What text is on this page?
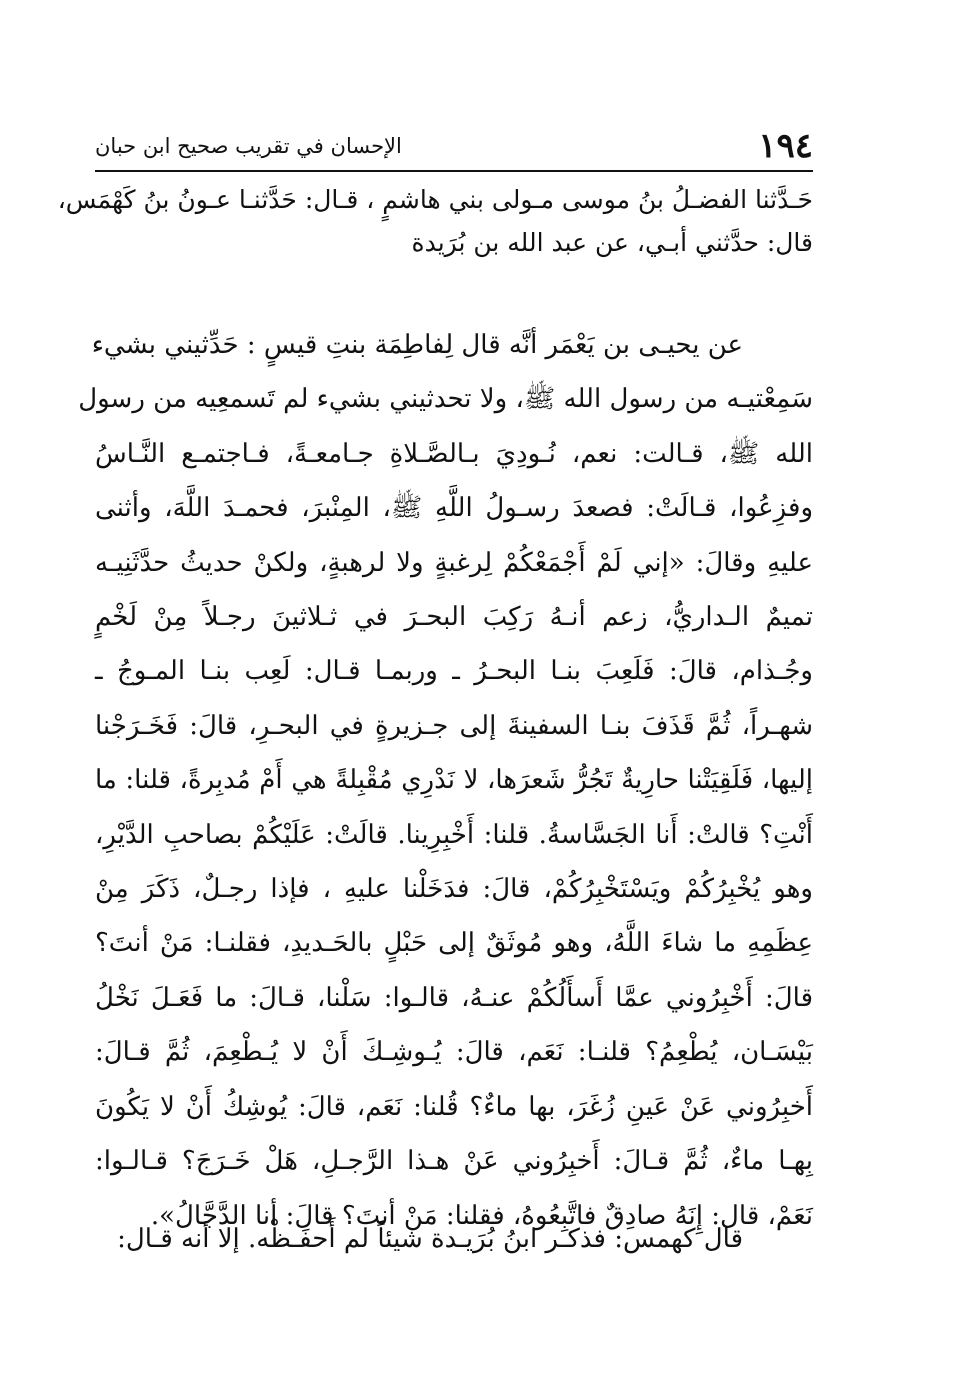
١٩٤
الإحسان في تقريب صحيح ابن حبان
حَـدَّثنا الفضـلُ بنُ موسى مـولى بني هاشمٍ ، قـال: حَدَّثنـا عـونُ بنُ كَهْمَس،
قال: حدَّثني أبـي، عن عبد الله بن بُرَيدة
عن يحيـى بن يَعْمَر أنَّه قال لِفاطِمَة بنتِ قيسٍ : حَدِّثيني بشيء
سَمِعْتيـه من رسول الله ﷺ، ولا تحدثيني بشيء لم تَسمعِيه من رسول
الله ﷺ، قـالت: نعم، نُـودِيَ بـالصَّـلاةِ جـامعـةً، فـاجتمـع النَّـاسُ
وفزِعُوا، قـالَتْ: فصعدَ رسـولُ اللَّهِ ﷺ، المِنْبرَ، فحمـدَ اللَّهَ، وأثنى
عليهِ وقالَ: «إني لَمْ أَجْمَعْكُمْ لِرغبةٍ ولا لرهبةٍ، ولكنْ حديثُ حدَّثَنِيـه
تميمٌ الـداريُّ، زعم أنـهُ رَكِبَ البحـرَ في ثـلاثينَ رجـلاً مِنْ لَخْمٍ
وجُـذام، قالَ: فَلَعِبَ بنـا البحـرُ ـ وربمـا قـال: لَعِب بنـا المـوجُ ـ
شهـراً، ثُمَّ قَذَفَ بنـا السفينةَ إلى جـزيرةٍ في البحـرِ، قالَ: فَخَـرَجْنا
إليها، فَلَقِيَتْنا حارِيةٌ تَجُرُّ شَعرَها، لا نَدْرِي مُقْبِلةً هي أَمْ مُدبِرةً، قلنا: ما
أَنْتِ؟ قالتْ: أَنا الجَسَّاسةُ. قلنا: أَخْبِرِينا. قالَتْ: عَلَيْكُمْ بصاحبِ الدَّيْرِ،
وهو يُخْبِرُكُمْ ويَسْتَخْبِرُكُمْ، قالَ: فدَخَلْنا عليهِ ، فإذا رجـلٌ، ذَكَرَ مِنْ
عِظَمِهِ ما شاءَ اللَّهُ، وهو مُوثَقٌ إلى حَبْلٍ بالحَـديدِ، فقلنـا: مَنْ أنتَ؟
قالَ: أَخْبِرُوني عمَّا أَسأَلُكُمْ عنـهُ، قالـوا: سَلْنا، قـالَ: ما فَعَـلَ نَخْلُ
بَيْسَـان، يُطْعِمُ؟ قلنـا: نَعَم، قالَ: يُـوشِـكَ أَنْ لا يُـطْعِمَ، ثُمَّ قـالَ:
أَخبِرُوني عَنْ عَينِ زُغَرَ، بها ماءٌ؟ قُلنا: نَعَم، قالَ: يُوشِكُ أَنْ لا يَكُونَ
بِهـا ماءٌ، ثُمَّ قـالَ: أَخبِرُوني عَنْ هـذا الرَّجـلِ، هَلْ خَـرَجَ؟ قـالـوا:
نَعَمْ، قال: إِنَهُ صادِقٌ فاتَّبِعُوهُ، فقلنا: مَنْ أنتَ؟ قالَ: أنا الدَّجَّالُ».
قال كهمس: فذكـر ابنُ بُرَيـدة شيئاً لم أَحفَـظْه. إلا أنه قـال:
